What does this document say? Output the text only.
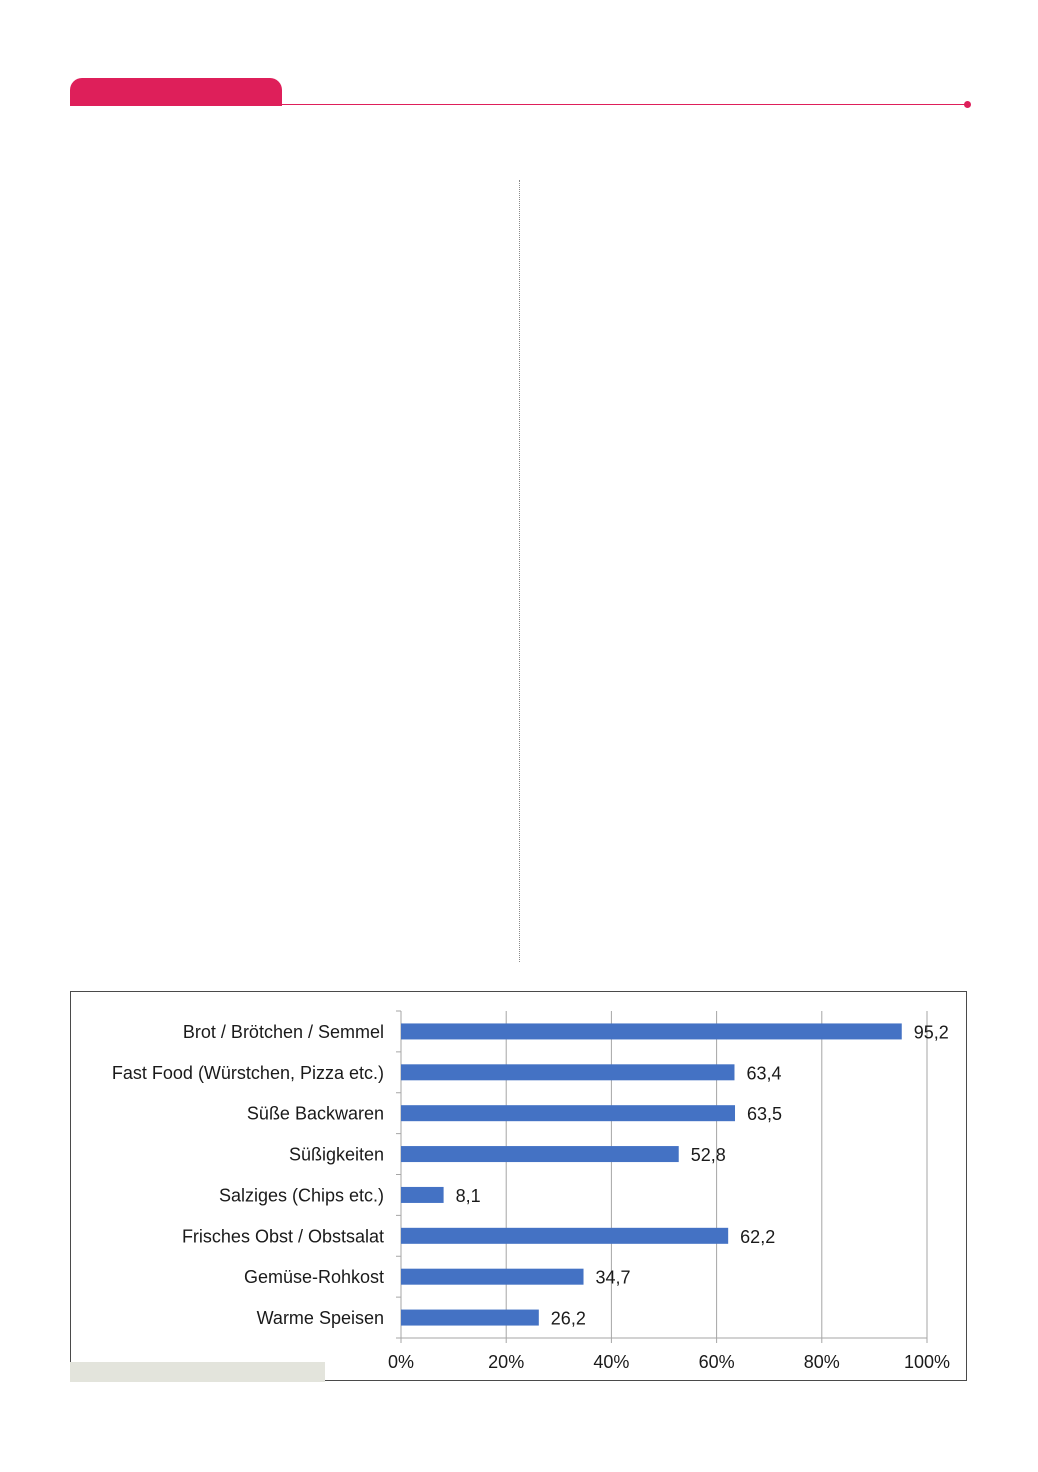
0%	20%	40%	60%	80%	100%
Brot / Brötchen / Semmel	95,2
Fast Food (Würstchen, Pizza etc.)	63,4
Süße Backwaren	63,5
Süßigkeiten	52,8
Salziges (Chips etc.)	8,1
Frisches Obst / Obstsalat	62,2
Gemüse-Rohkost	34,7
Warme Speisen	26,2
